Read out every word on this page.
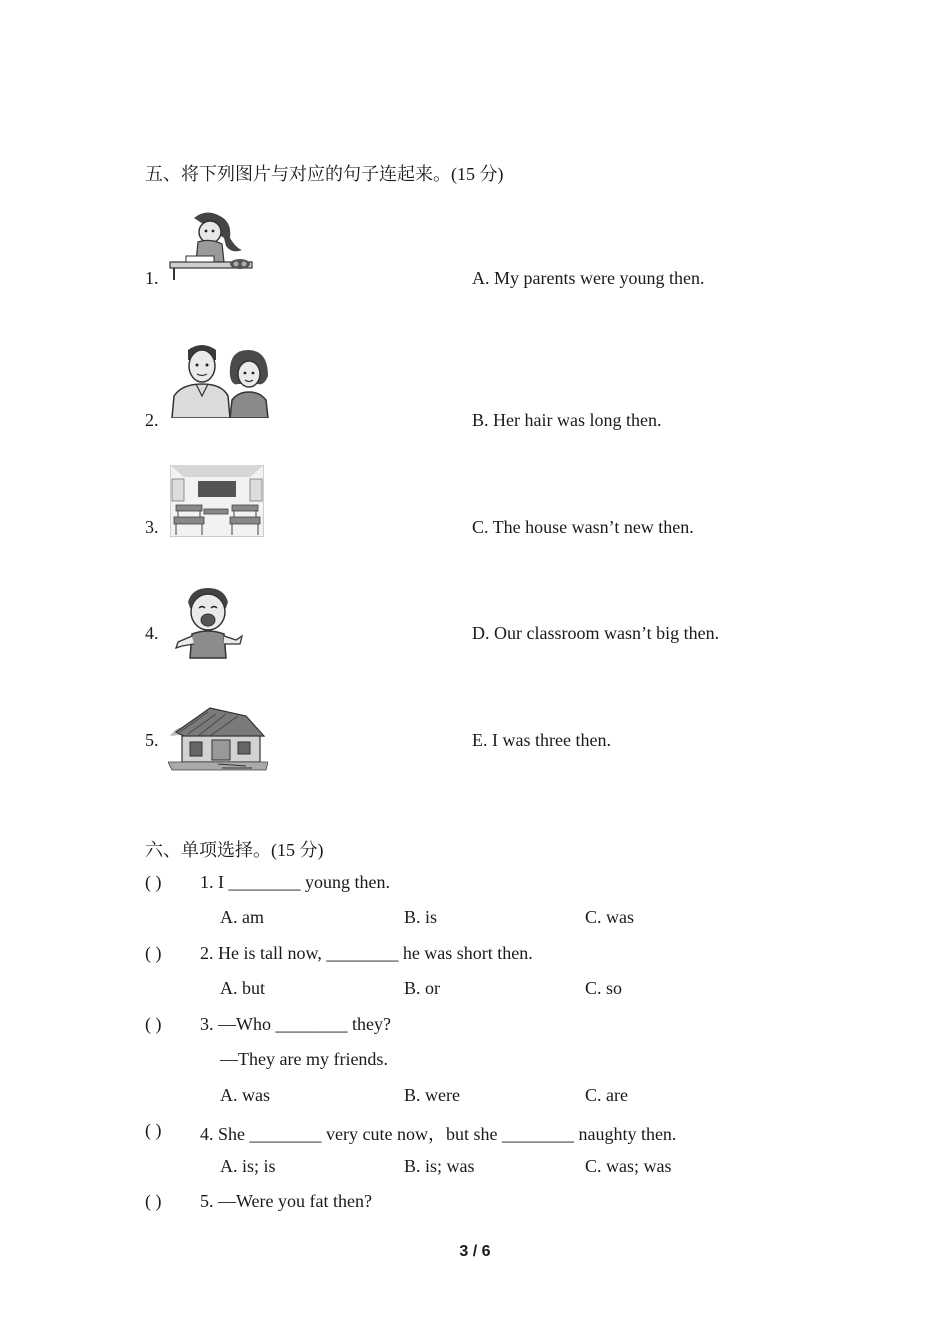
五、将下列图片与对应的句子连起来。(15 分)
1.	A. My parents were young then.
2.	B. Her hair was long then.
3.	C. The house wasn’t new then.
4.	D. Our classroom wasn’t big then.
5.	E. I was three then.
六、单项选择。(15 分)
( ) 1. I ________ young then.
A. am	B. is	C. was
( ) 2. He is tall now, ________ he was short then.
A. but	B. or	C. so
( ) 3. —Who ________ they?
—They are my friends.
A. was	B. were	C. are
( ) 4. She ________ very cute now，but she ________ naughty then.
A. is; is	B. is; was	C. was; was
( ) 5. —Were you fat then?
3 / 6
